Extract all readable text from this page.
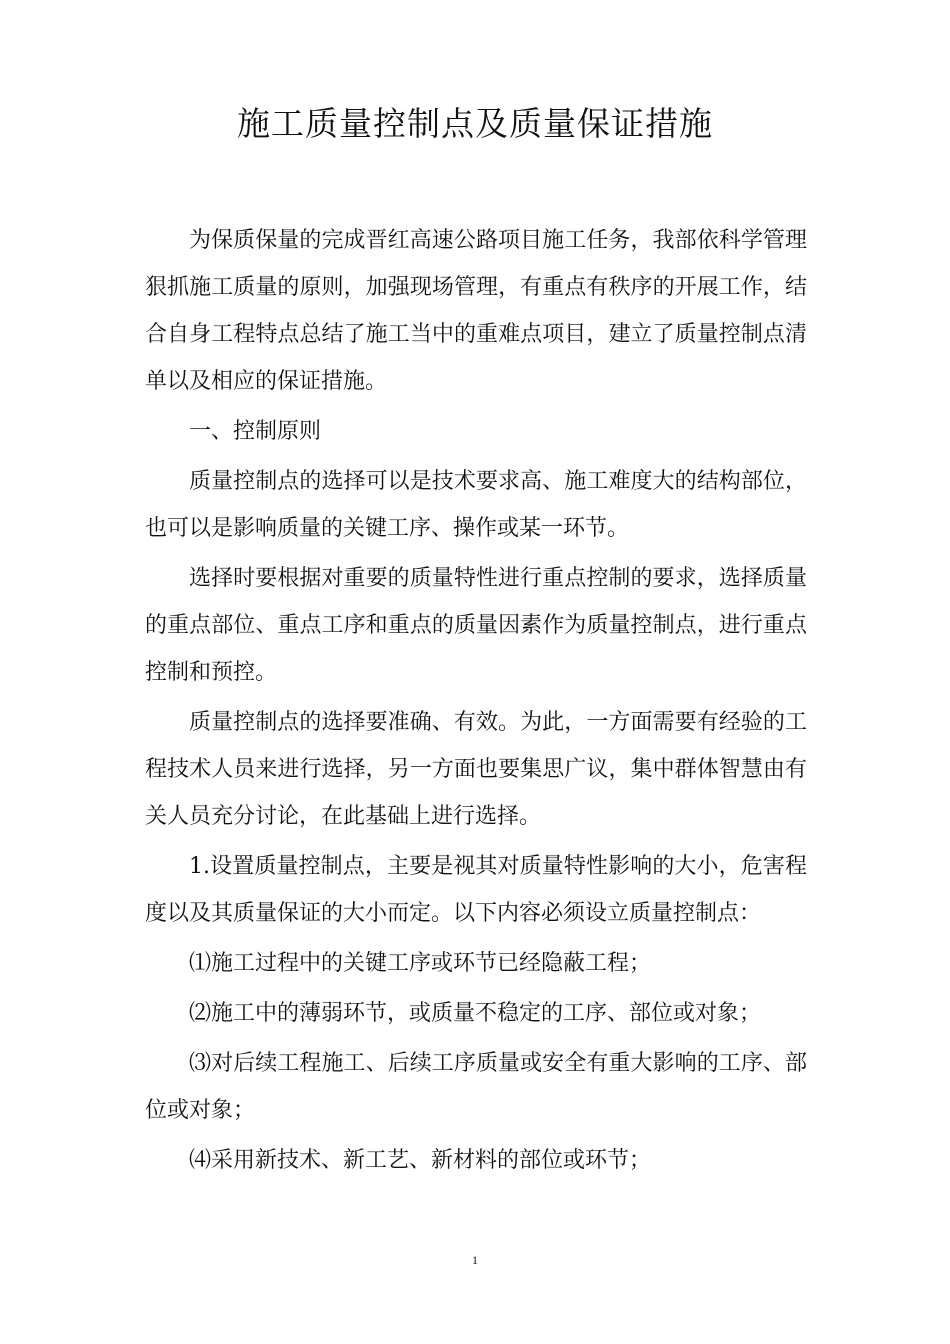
施工质量控制点及质量保证措施

为保质保量的完成晋红高速公路项目施工任务，我部依科学管理狠抓施工质量的原则，加强现场管理，有重点有秩序的开展工作，结合自身工程特点总结了施工当中的重难点项目，建立了质量控制点清单以及相应的保证措施。

一、控制原则

质量控制点的选择可以是技术要求高、施工难度大的结构部位，也可以是影响质量的关键工序、操作或某一环节。

选择时要根据对重要的质量特性进行重点控制的要求，选择质量的重点部位、重点工序和重点的质量因素作为质量控制点，进行重点控制和预控。

质量控制点的选择要准确、有效。为此，一方面需要有经验的工程技术人员来进行选择，另一方面也要集思广议，集中群体智慧由有关人员充分讨论，在此基础上进行选择。

1.设置质量控制点，主要是视其对质量特性影响的大小，危害程度以及其质量保证的大小而定。以下内容必须设立质量控制点：

⑴施工过程中的关键工序或环节已经隐蔽工程；

⑵施工中的薄弱环节，或质量不稳定的工序、部位或对象；

⑶对后续工程施工、后续工序质量或安全有重大影响的工序、部位或对象；

⑷采用新技术、新工艺、新材料的部位或环节；

1
